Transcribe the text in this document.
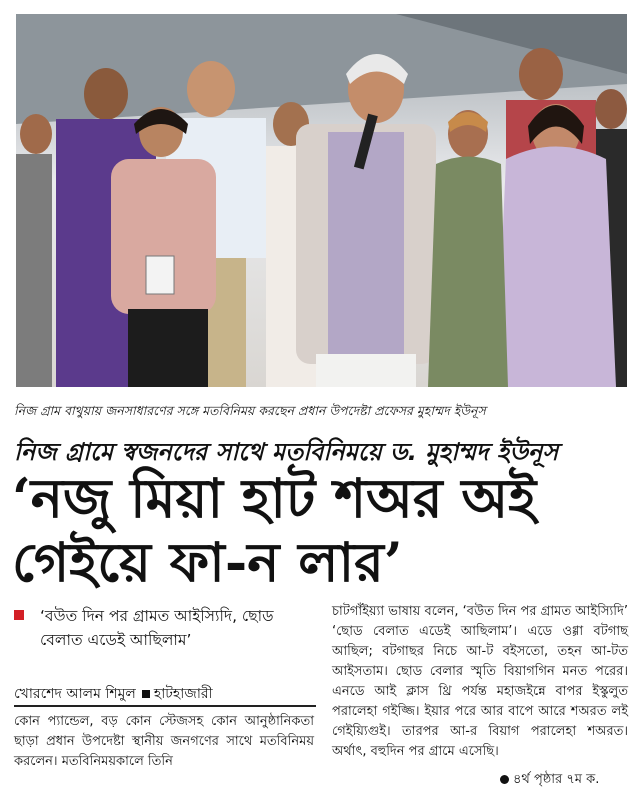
নিজ গ্রাম বাথুয়ায় জনসাধারণের সঙ্গে মতবিনিময় করছেন প্রধান উপদেষ্টা প্রফেসর মুহাম্মদ ইউনূস
নিজ গ্রামে স্বজনদের সাথে মতবিনিময়ে ড. মুহাম্মদ ইউনূস
‘নজু মিয়া হাট শঅর অই
গেইয়ে ফা-ন লার’
‘বউত দিন পর গ্রামত আইস্যিদি, ছোড বেলাত এডেই আছিলাম’
খোরশেদ আলম শিমুল হাটহাজারী
কোন প্যান্ডেল, বড় কোন স্টেজসহ কোন আনুষ্ঠানিকতা ছাড়া প্রধান উপদেষ্টা স্থানীয় জনগণের সাথে মতবিনিময় করলেন। মতবিনিময়কালে তিনি
চাটগাঁইয়্যা ভাষায় বলেন, ‘বউত দিন পর গ্রামত আইস্যিদি’ ‘ছোড বেলাত এডেই আছিলাম’। এডে ওগ্গা বটগাছ আছিল; বটগাছর নিচে আ-ট বইসতো, তহন আ-টত আইসতাম। ছোড বেলার স্মৃতি বিয়াগগিন মনত পরের। এনডে আই ক্লাস থ্রি পর্যন্ত মহাজইন্নে বাপর ইস্কুলুত পরালেহা গইজ্জি। ইয়ার পরে আর বাপে আরে শঅরত লই গেইয়্যিগুই। তারপর আ-র বিয়াগ পরালেহা শঅরত। অর্থাৎ, বহুদিন পর গ্রামে এসেছি।
৪র্থ পৃষ্ঠার ৭ম ক.
